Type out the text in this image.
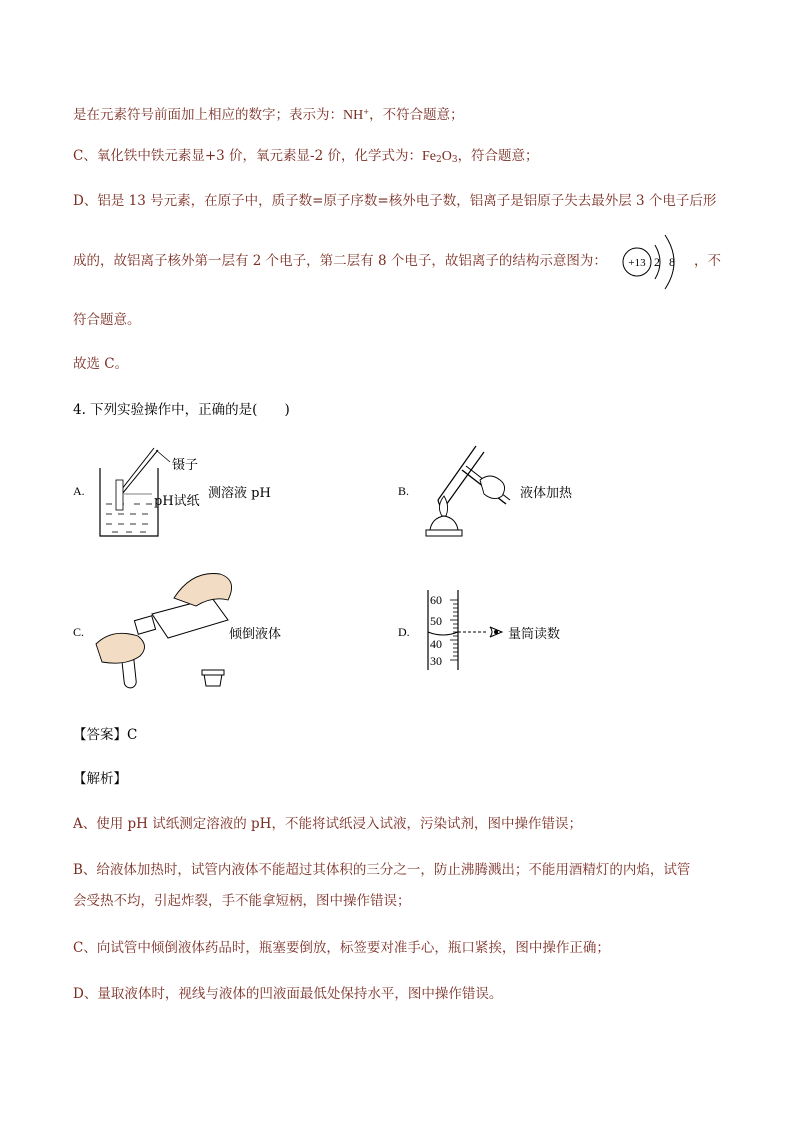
是在元素符号前面加上相应的数字；表示为：NH+，不符合题意；
C、氧化铁中铁元素显+3 价，氧元素显-2 价，化学式为：$Fe_2O_3$，符合题意；
D、铝是 13 号元素，在原子中，质子数=原子序数=核外电子数，铝离子是铝原子失去最外层 3 个电子后形
成的，故铝离子核外第一层有 2 个电子，第二层有 8 个电子，故铝离子的结构示意图为： +13 2 8 ，不
符合题意。
故选 C。
4. 下列实验操作中，正确的是(　　)
A.
镊子
测溶液 pH
pH试纸
B.	液体加热
C.	倾倒液体	D.
60
50
40
30
量筒读数
【答案】C
【解析】
A、使用 pH 试纸测定溶液的 pH，不能将试纸浸入试液，污染试剂，图中操作错误；
B、给液体加热时，试管内液体不能超过其体积的三分之一，防止沸腾溅出；不能用酒精灯的内焰，试管
会受热不均，引起炸裂，手不能拿短柄，图中操作错误；
C、向试管中倾倒液体药品时，瓶塞要倒放，标签要对准手心，瓶口紧挨，图中操作正确；
D、量取液体时，视线与液体的凹液面最低处保持水平，图中操作错误。
